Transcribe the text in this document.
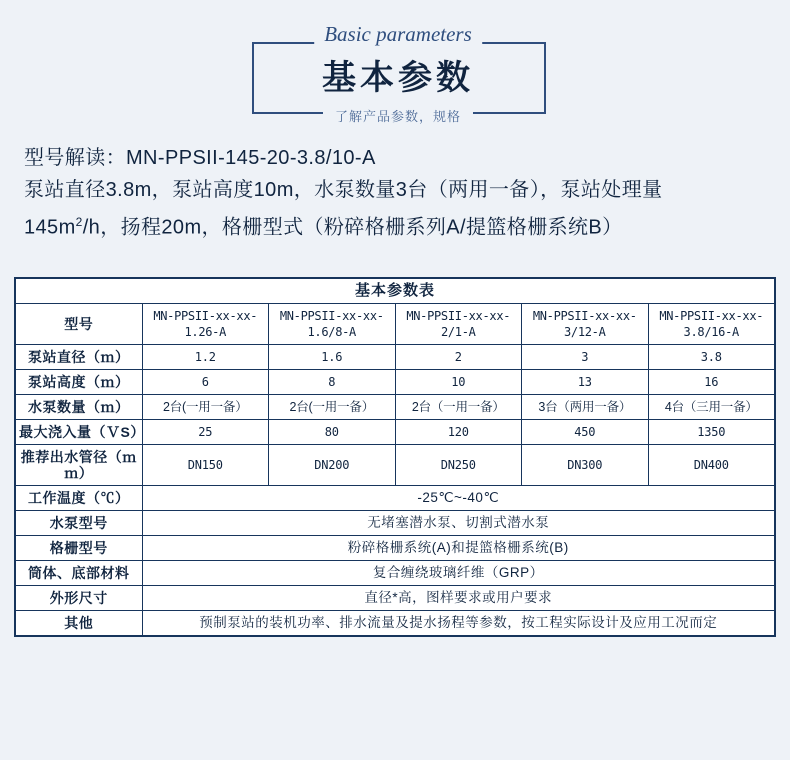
Basic parameters
基本参数
了解产品参数，规格
型号解读：MN-PPSII-145-20-3.8/10-A
泵站直径3.8m，泵站高度10m，水泵数量3台（两用一备），泵站处理量
$145m^2/h$，扬程20m，格栅型式（粉碎格栅系列A/提篮格栅系统B）
基本参数表					
型号	MN-PPSII-xx-xx-1.26-A	MN-PPSII-xx-xx-1.6/8-A	MN-PPSII-xx-xx-2/1-A	MN-PPSII-xx-xx-3/12-A	MN-PPSII-xx-xx-3.8/16-A
泵站直径（ｍ）	1.2	1.6	2	3	3.8
泵站高度（ｍ）	6	8	10	13	16
水泵数量（ｍ）	2台(一用一备）	2台(一用一备）	2台（一用一备）	3台（两用一备）	4台（三用一备）
最大浇入量（ＶS）	25	80	120	450	1350
推荐出水管径（ｍｍ）	DN150	DN200	DN250	DN300	DN400
工作温度（℃）	-25℃~-40℃				
水泵型号	无堵塞潜水泵、切割式潜水泵				
格栅型号	粉碎格栅系统(A)和提篮格栅系统(B)				
筒体、底部材料	复合缠绕玻璃纤维（GRP）				
外形尺寸	直径*高，图样要求或用户要求				
其他	预制泵站的装机功率、排水流量及提水扬程等参数，按工程实际设计及应用工况而定				
